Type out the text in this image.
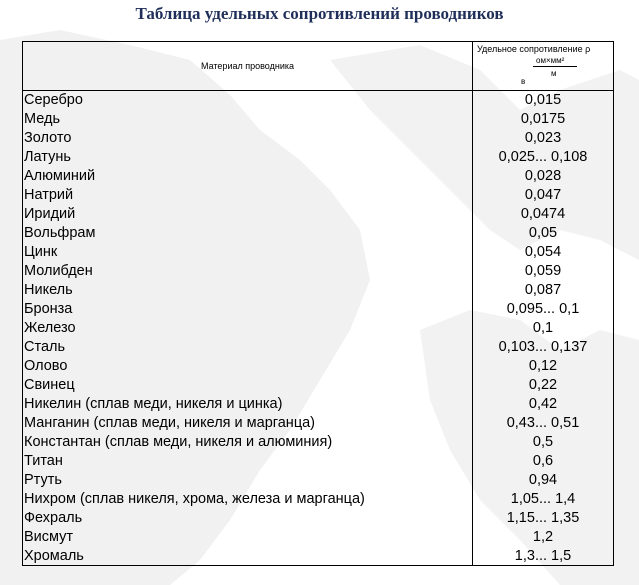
Таблица удельных сопротивлений проводников
Материал проводника
Удельное сопротивление ρ
ом×мм²
м
в
Серебро	0,015
Медь	0,0175
Золото	0,023
Латунь	0,025... 0,108
Алюминий	0,028
Натрий	0,047
Иридий	0,0474
Вольфрам	0,05
Цинк	0,054
Молибден	0,059
Никель	0,087
Бронза	0,095... 0,1
Железо	0,1
Сталь	0,103... 0,137
Олово	0,12
Свинец	0,22
Никелин (сплав меди, никеля и цинка)	0,42
Манганин (сплав меди, никеля и марганца)	0,43... 0,51
Константан (сплав меди, никеля и алюминия)	0,5
Титан	0,6
Ртуть	0,94
Нихром (сплав никеля, хрома, железа и марганца)	1,05... 1,4
Фехраль	1,15... 1,35
Висмут	1,2
Хромаль	1,3... 1,5
